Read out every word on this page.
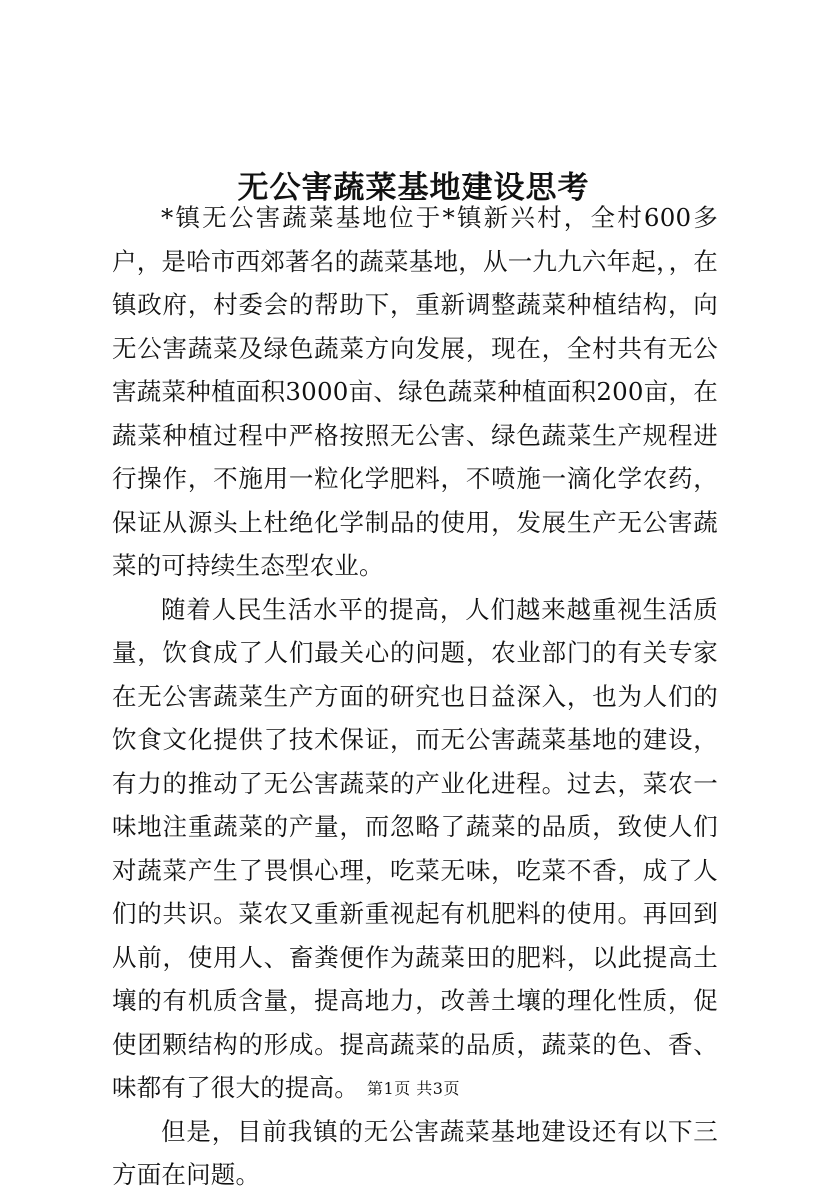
无公害蔬菜基地建设思考

*镇无公害蔬菜基地位于*镇新兴村，全村600多户，是哈市西郊著名的蔬菜基地，从一九九六年起，，在镇政府，村委会的帮助下，重新调整蔬菜种植结构，向无公害蔬菜及绿色蔬菜方向发展，现在，全村共有无公害蔬菜种植面积3000亩、绿色蔬菜种植面积200亩，在蔬菜种植过程中严格按照无公害、绿色蔬菜生产规程进行操作，不施用一粒化学肥料，不喷施一滴化学农药，保证从源头上杜绝化学制品的使用，发展生产无公害蔬菜的可持续生态型农业。

随着人民生活水平的提高，人们越来越重视生活质量，饮食成了人们最关心的问题，农业部门的有关专家在无公害蔬菜生产方面的研究也日益深入，也为人们的饮食文化提供了技术保证，而无公害蔬菜基地的建设，有力的推动了无公害蔬菜的产业化进程。过去，菜农一味地注重蔬菜的产量，而忽略了蔬菜的品质，致使人们对蔬菜产生了畏惧心理，吃菜无味，吃菜不香，成了人们的共识。菜农又重新重视起有机肥料的使用。再回到从前，使用人、畜粪便作为蔬菜田的肥料，以此提高土壤的有机质含量，提高地力，改善土壤的理化性质，促使团颗结构的形成。提高蔬菜的品质，蔬菜的色、香、味都有了很大的提高。

但是，目前我镇的无公害蔬菜基地建设还有以下三方面在问题。

第1页 共3页
